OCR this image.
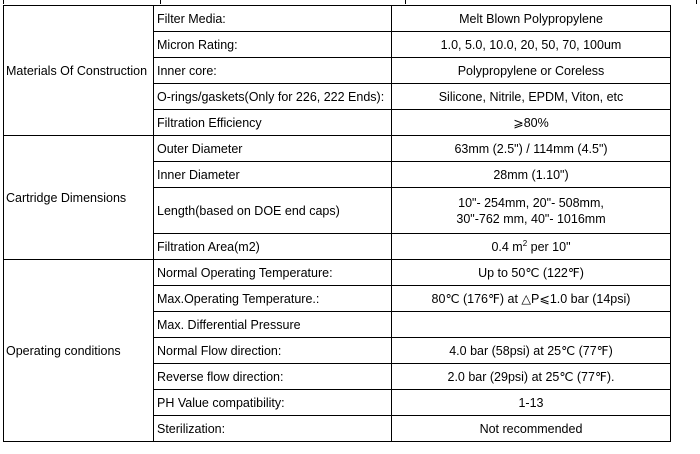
Materials Of Construction	Filter Media:	Melt Blown Polypropylene
	Micron Rating:	1.0, 5.0, 10.0, 20, 50, 70, 100um
	Inner core:	Polypropylene or Coreless
	O-rings/gaskets(Only for 226, 222 Ends):	Silicone, Nitrile, EPDM, Viton, etc
	Filtration Efficiency	⩾80%
Cartridge Dimensions	Outer Diameter	63mm (2.5") / 114mm (4.5")
	Inner Diameter	28mm (1.10")
	Length(based on DOE end caps)	10"- 254mm, 20"- 508mm,
30"-762 mm, 40"- 1016mm

	Filtration Area(m2)	0.4 $m^2$ per 10"
Operating conditions	Normal Operating Temperature:	Up to 50℃ (122℉)
	Max.Operating Temperature.:	80℃ (176℉) at △P⩽1.0 bar (14psi)
	Max. Differential Pressure	
	Normal Flow direction:	4.0 bar (58psi) at 25℃ (77℉)
	Reverse flow direction:	2.0 bar (29psi) at 25℃ (77℉).
	PH Value compatibility:	1-13
	Sterilization:	Not recommended
